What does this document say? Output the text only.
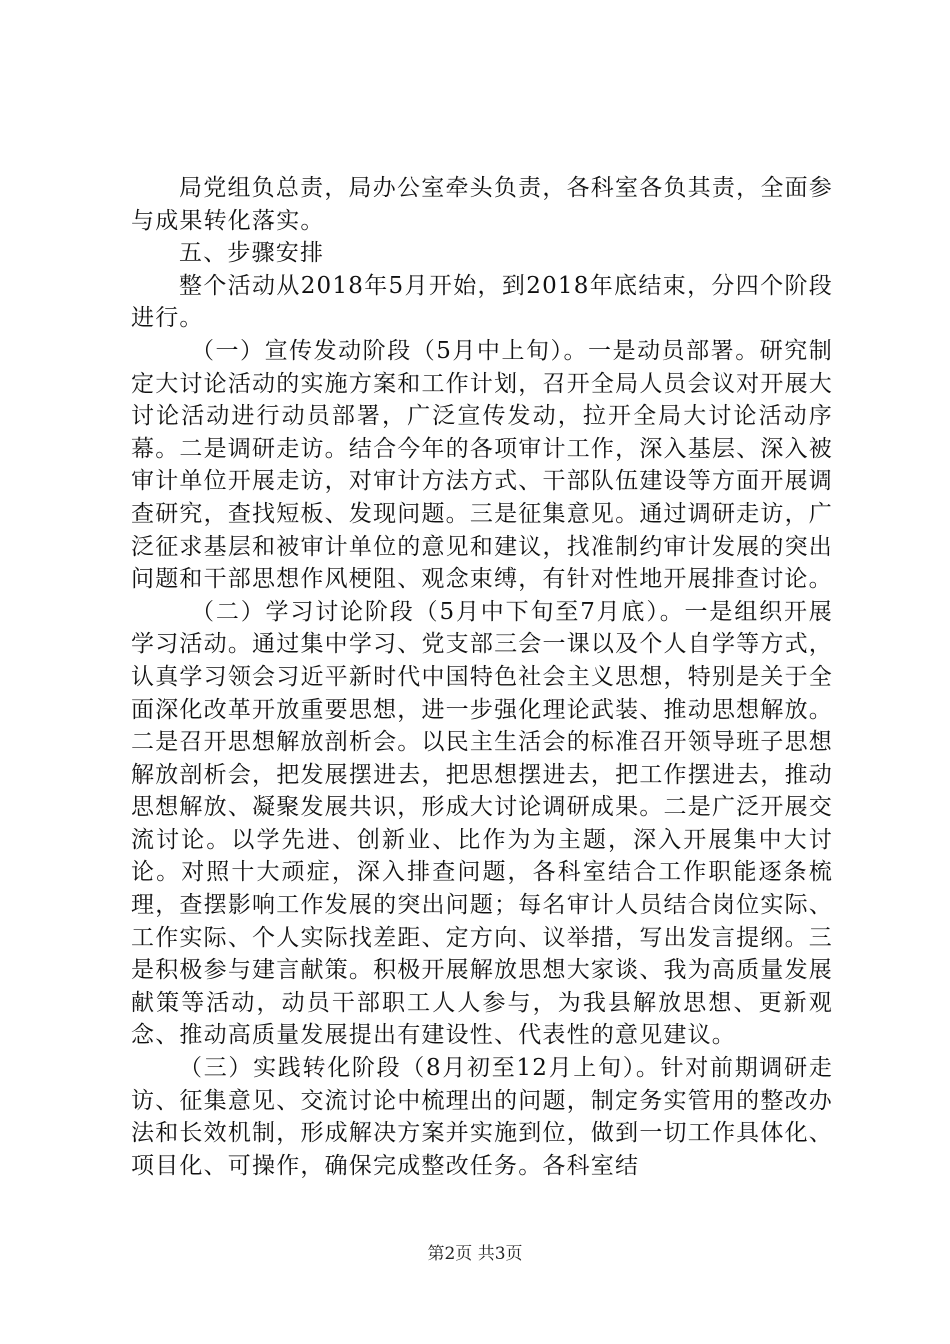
局党组负总责，局办公室牵头负责，各科室各负其责，全面参与成果转化落实。

五、步骤安排

整个活动从2018年5月开始，到2018年底结束，分四个阶段进行。

（一）宣传发动阶段（5月中上旬）。一是动员部署。研究制定大讨论活动的实施方案和工作计划，召开全局人员会议对开展大讨论活动进行动员部署，广泛宣传发动，拉开全局大讨论活动序幕。二是调研走访。结合今年的各项审计工作，深入基层、深入被审计单位开展走访，对审计方法方式、干部队伍建设等方面开展调查研究，查找短板、发现问题。三是征集意见。通过调研走访，广泛征求基层和被审计单位的意见和建议，找准制约审计发展的突出问题和干部思想作风梗阻、观念束缚，有针对性地开展排查讨论。

（二）学习讨论阶段（5月中下旬至7月底）。一是组织开展学习活动。通过集中学习、党支部三会一课以及个人自学等方式，认真学习领会习近平新时代中国特色社会主义思想，特别是关于全面深化改革开放重要思想，进一步强化理论武装、推动思想解放。二是召开思想解放剖析会。以民主生活会的标准召开领导班子思想解放剖析会，把发展摆进去，把思想摆进去，把工作摆进去，推动思想解放、凝聚发展共识，形成大讨论调研成果。二是广泛开展交流讨论。以学先进、创新业、比作为为主题，深入开展集中大讨论。对照十大顽症，深入排查问题，各科室结合工作职能逐条梳理，查摆影响工作发展的突出问题；每名审计人员结合岗位实际、工作实际、个人实际找差距、定方向、议举措，写出发言提纲。三是积极参与建言献策。积极开展解放思想大家谈、我为高质量发展献策等活动，动员干部职工人人参与，为我县解放思想、更新观念、推动高质量发展提出有建设性、代表性的意见建议。

（三）实践转化阶段（8月初至12月上旬）。针对前期调研走访、征集意见、交流讨论中梳理出的问题，制定务实管用的整改办法和长效机制，形成解决方案并实施到位，做到一切工作具体化、项目化、可操作，确保完成整改任务。各科室结

第2页 共3页
